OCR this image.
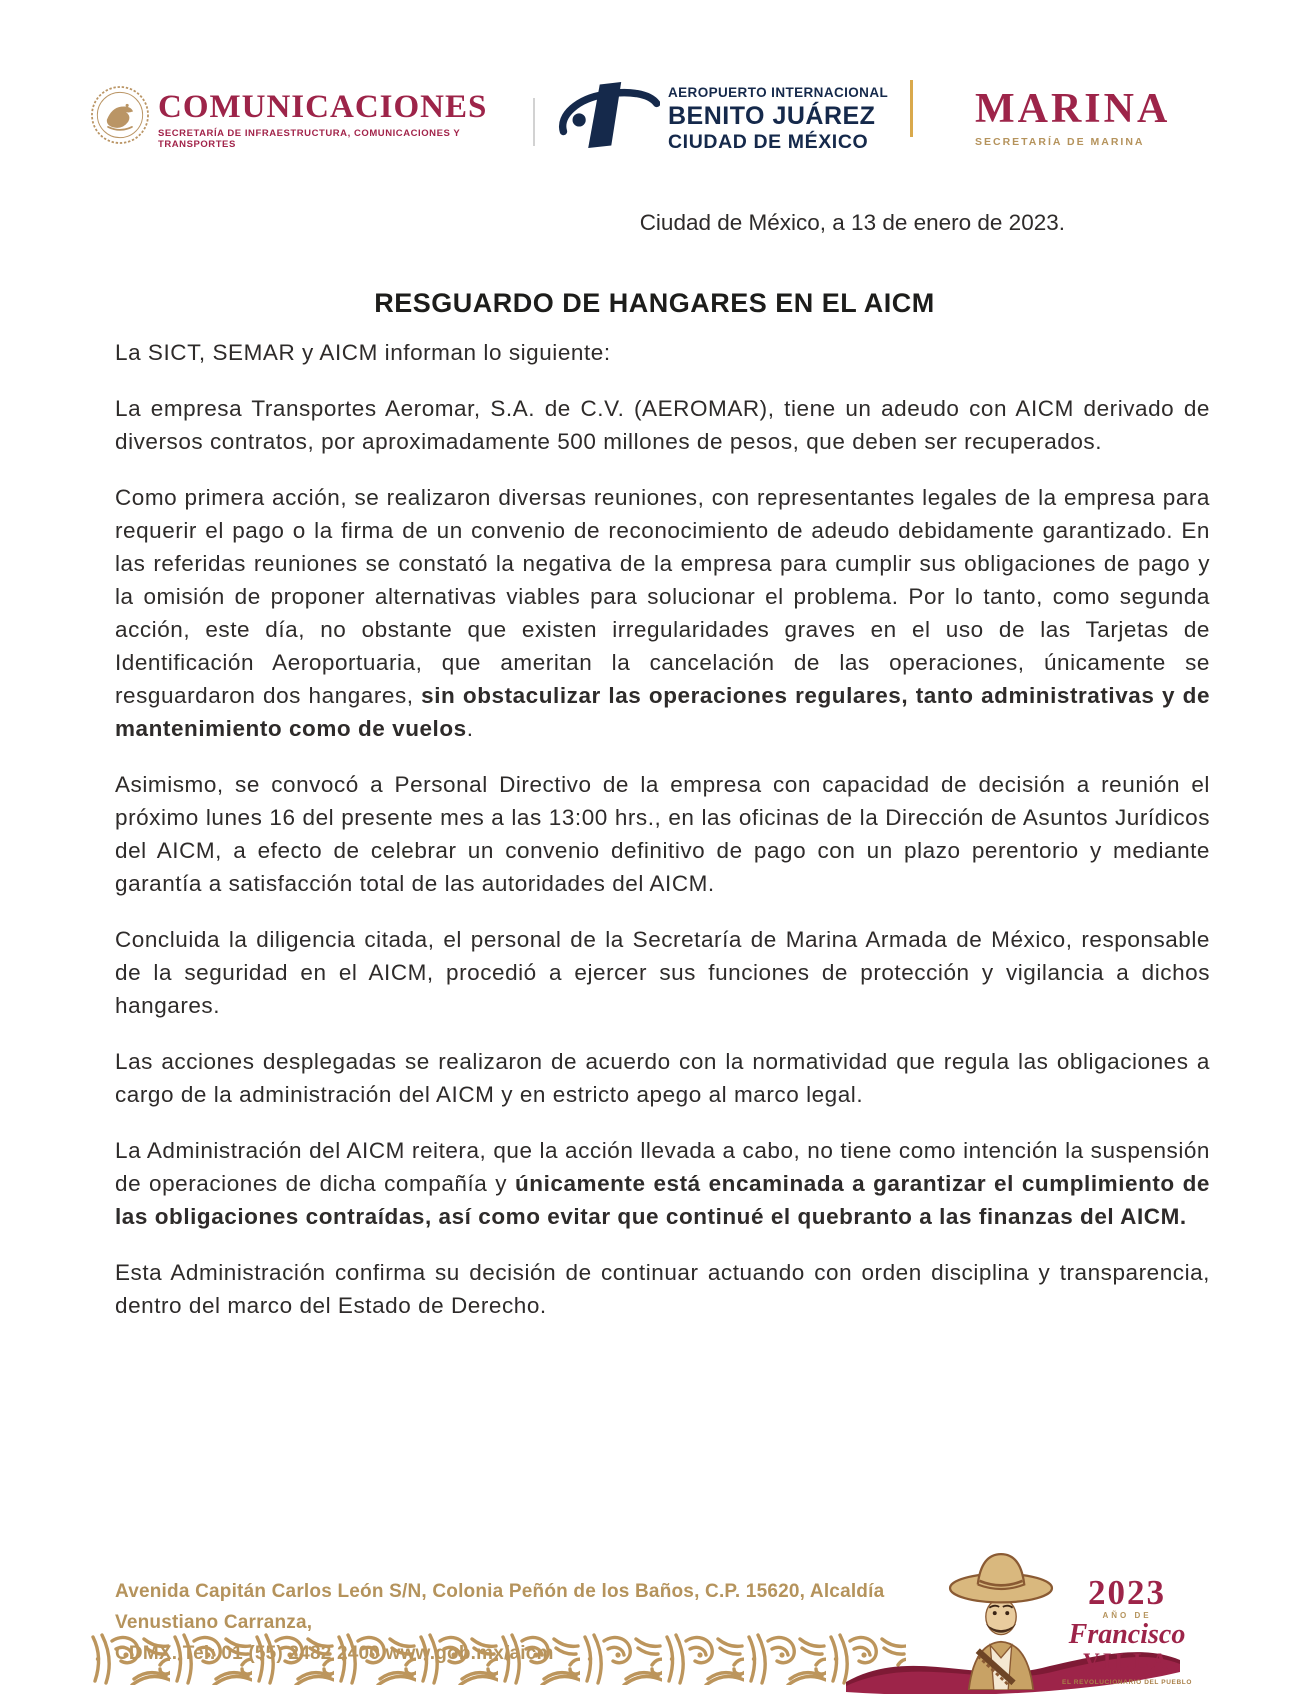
COMUNICACIONES
SECRETARÍA DE INFRAESTRUCTURA, COMUNICACIONES Y TRANSPORTES
AEROPUERTO INTERNACIONAL
BENITO JUÁREZ
CIUDAD DE MÉXICO
MARINA
SECRETARÍA DE MARINA
Ciudad de México, a 13 de enero de 2023.
RESGUARDO DE HANGARES EN EL AICM

La SICT, SEMAR y AICM informan lo siguiente:

La empresa Transportes Aeromar, S.A. de C.V. (AEROMAR), tiene un adeudo con AICM derivado de diversos contratos, por aproximadamente 500 millones de pesos, que deben ser recuperados.

Como primera acción, se realizaron diversas reuniones, con representantes legales de la empresa para requerir el pago o la firma de un convenio de reconocimiento de adeudo debidamente garantizado. En las referidas reuniones se constató la negativa de la empresa para cumplir sus obligaciones de pago y la omisión de proponer alternativas viables para solucionar el problema. Por lo tanto, como segunda acción, este día, no obstante que existen irregularidades graves en el uso de las Tarjetas de Identificación Aeroportuaria, que ameritan la cancelación de las operaciones, únicamente se resguardaron dos hangares, sin obstaculizar las operaciones regulares, tanto administrativas y de mantenimiento como de vuelos.

Asimismo, se convocó a Personal Directivo de la empresa con capacidad de decisión a reunión el próximo lunes 16 del presente mes a las 13:00 hrs., en las oficinas de la Dirección de Asuntos Jurídicos del AICM, a efecto de celebrar un convenio definitivo de pago con un plazo perentorio y mediante garantía a satisfacción total de las autoridades del AICM.

Concluida la diligencia citada, el personal de la Secretaría de Marina Armada de México, responsable de la seguridad en el AICM, procedió a ejercer sus funciones de protección y vigilancia a dichos hangares.

Las acciones desplegadas se realizaron de acuerdo con la normatividad que regula las obligaciones a cargo de la administración del AICM y en estricto apego al marco legal.

La Administración del AICM reitera, que la acción llevada a cabo, no tiene como intención la suspensión de operaciones de dicha compañía y únicamente está encaminada a garantizar el cumplimiento de las obligaciones contraídas, así como evitar que continué el quebranto a las finanzas del AICM.

Esta Administración confirma su decisión de continuar actuando con orden disciplina y transparencia, dentro del marco del Estado de Derecho.

Avenida Capitán Carlos León S/N, Colonia Peñón de los Baños, C.P. 15620, Alcaldía Venustiano Carranza,
2023
AÑO DE
Francisco
VILLA
EL REVOLUCIONARIO DEL PUEBLO
